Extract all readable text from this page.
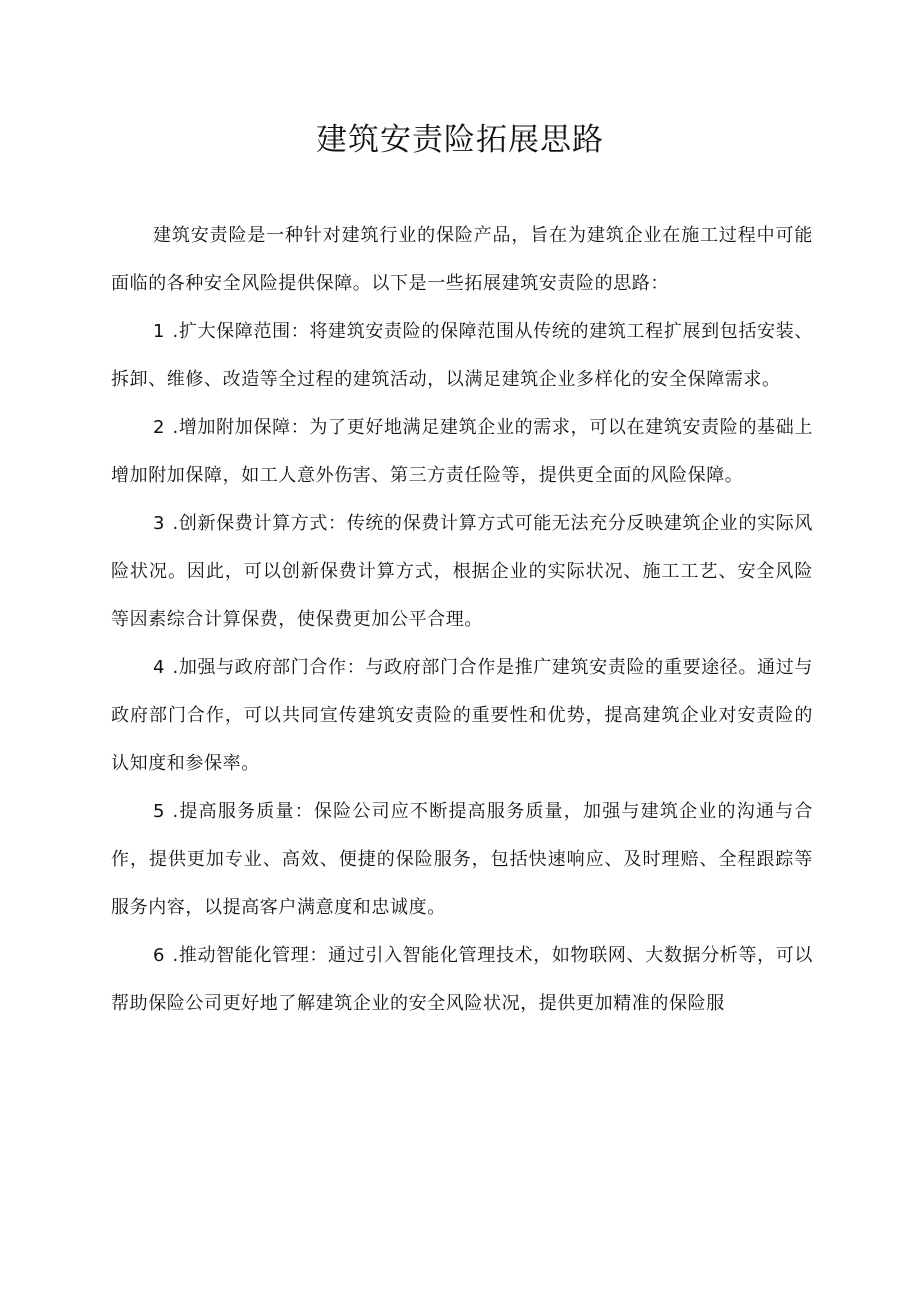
建筑安责险拓展思路

建筑安责险是一种针对建筑行业的保险产品，旨在为建筑企业在施工过程中可能面临的各种安全风险提供保障。以下是一些拓展建筑安责险的思路：

1 .扩大保障范围：将建筑安责险的保障范围从传统的建筑工程扩展到包括安装、拆卸、维修、改造等全过程的建筑活动，以满足建筑企业多样化的安全保障需求。

2 .增加附加保障：为了更好地满足建筑企业的需求，可以在建筑安责险的基础上增加附加保障，如工人意外伤害、第三方责任险等，提供更全面的风险保障。

3 .创新保费计算方式：传统的保费计算方式可能无法充分反映建筑企业的实际风险状况。因此，可以创新保费计算方式，根据企业的实际状况、施工工艺、安全风险等因素综合计算保费，使保费更加公平合理。

4 .加强与政府部门合作：与政府部门合作是推广建筑安责险的重要途径。通过与政府部门合作，可以共同宣传建筑安责险的重要性和优势，提高建筑企业对安责险的认知度和参保率。

5 .提高服务质量：保险公司应不断提高服务质量，加强与建筑企业的沟通与合作，提供更加专业、高效、便捷的保险服务，包括快速响应、及时理赔、全程跟踪等服务内容，以提高客户满意度和忠诚度。

6 .推动智能化管理：通过引入智能化管理技术，如物联网、大数据分析等，可以帮助保险公司更好地了解建筑企业的安全风险状况，提供更加精准的保险服
